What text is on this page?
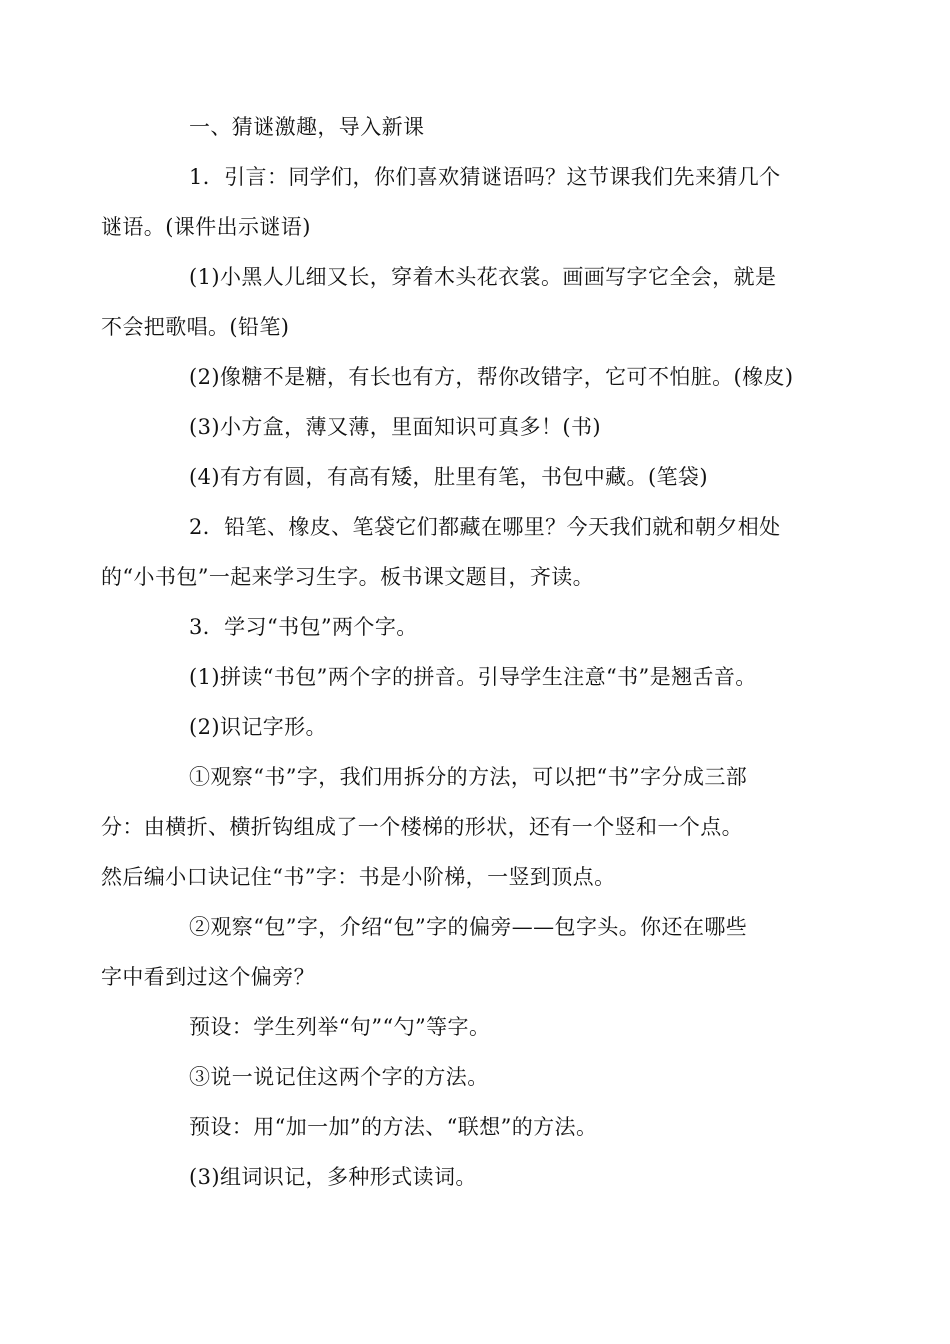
一、猜谜激趣，导入新课

1．引言：同学们，你们喜欢猜谜语吗？这节课我们先来猜几个
谜语。(课件出示谜语)

(1)小黑人儿细又长，穿着木头花衣裳。画画写字它全会，就是
不会把歌唱。(铅笔)

(2)像糖不是糖，有长也有方，帮你改错字，它可不怕脏。(橡皮)

(3)小方盒，薄又薄，里面知识可真多！(书)

(4)有方有圆，有高有矮，肚里有笔，书包中藏。(笔袋)

2．铅笔、橡皮、笔袋它们都藏在哪里？今天我们就和朝夕相处
的“小书包”一起来学习生字。板书课文题目，齐读。

3．学习“书包”两个字。

(1)拼读“书包”两个字的拼音。引导学生注意“书”是翘舌音。

(2)识记字形。

①观察“书”字，我们用拆分的方法，可以把“书”字分成三部
分：由横折、横折钩组成了一个楼梯的形状，还有一个竖和一个点。
然后编小口诀记住“书”字：书是小阶梯，一竖到顶点。

②观察“包”字，介绍“包”字的偏旁——包字头。你还在哪些
字中看到过这个偏旁？

预设：学生列举“句”“勺”等字。

③说一说记住这两个字的方法。

预设：用“加一加”的方法、“联想”的方法。

(3)组词识记，多种形式读词。
